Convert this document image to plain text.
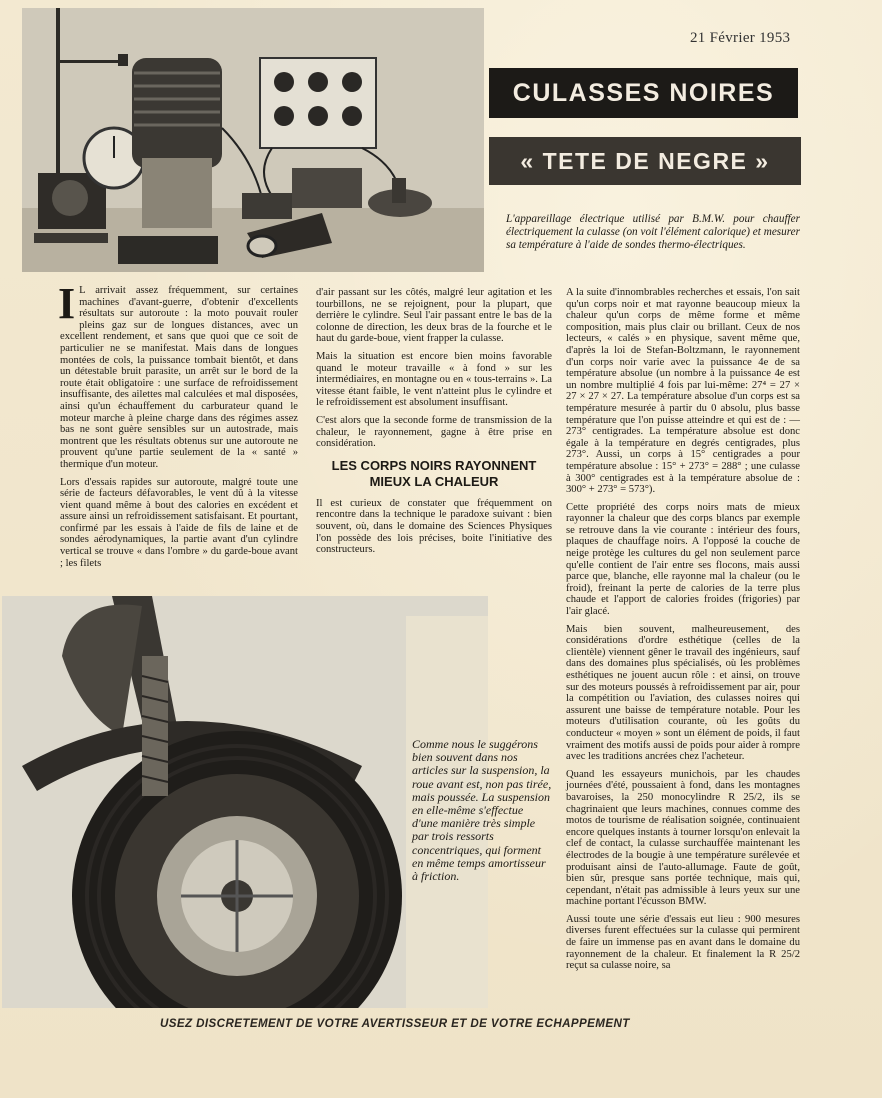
21 Février 1953
CULASSES NOIRES
« TETE DE NEGRE »
L'appareillage électrique utilisé par B.M.W. pour chauffer électriquement la culasse (on voit l'élément calorique) et mesurer sa température à l'aide de sondes thermo-électriques.

I L arrivait assez fréquemment, sur certaines machines d'avant-guerre, d'obtenir d'excellents résultats sur autoroute : la moto pouvait rouler pleins gaz sur de longues distances, avec un excellent rendement, et sans que quoi que ce soit de particulier ne se manifestat. Mais dans de longues montées de cols, la puissance tombait bientôt, et dans un détestable bruit parasite, un arrêt sur le bord de la route était obligatoire : une surface de refroidissement insuffisante, des ailettes mal calculées et mal disposées, ainsi qu'un échauffement du carburateur quand le moteur marche à pleine charge dans des régimes assez bas ne sont guère sensibles sur un autostrade, mais montrent que les résultats obtenus sur une autoroute ne prouvent qu'une partie seulement de la « santé » thermique d'un moteur.

Lors d'essais rapides sur autoroute, malgré toute une série de facteurs défavorables, le vent dû à la vitesse vient quand même à bout des calories en excédent et assure ainsi un refroidissement satisfaisant. Et pourtant, confirmé par les essais à l'aide de fils de laine et de sondes aérodynamiques, la partie avant d'un cylindre vertical se trouve « dans l'ombre » du garde-boue avant ; les filets

d'air passant sur les côtés, malgré leur agitation et les tourbillons, ne se rejoignent, pour la plupart, que derrière le cylindre. Seul l'air passant entre le bas de la colonne de direction, les deux bras de la fourche et le haut du garde-boue, vient frapper la culasse.

Mais la situation est encore bien moins favorable quand le moteur travaille « à fond » sur les intermédiaires, en montagne ou en « tous-terrains ». La vitesse étant faible, le vent n'atteint plus le cylindre et le refroidissement est absolument insuffisant.

C'est alors que la seconde forme de transmission de la chaleur, le rayonnement, gagne à être prise en considération.

LES CORPS NOIRS RAYONNENT
MIEUX LA CHALEUR

Il est curieux de constater que fréquemment on rencontre dans la technique le paradoxe suivant : bien souvent, où, dans le domaine des Sciences Physiques l'on possède des lois précises, boite l'initiative des constructeurs.

A la suite d'innombrables recherches et essais, l'on sait qu'un corps noir et mat rayonne beaucoup mieux la chaleur qu'un corps de même forme et même composition, mais plus clair ou brillant. Ceux de nos lecteurs, « calés » en physique, savent même que, d'après la loi de Stefan-Boltzmann, le rayonnement d'un corps noir varie avec la puissance 4e de sa température absolue (un nombre à la puissance 4e est un nombre multiplié 4 fois par lui-même: 27⁴ = 27 × 27 × 27 × 27. La température absolue d'un corps est sa température mesurée à partir du 0 absolu, plus basse température que l'on puisse atteindre et qui est de : —273° centigrades. La température absolue est donc égale à la température en degrés centigrades, plus 273°. Aussi, un corps à 15° centigrades a pour température absolue : 15° + 273° = 288° ; une culasse à 300° centigrades est à la température absolue de : 300° + 273° = 573°).

Cette propriété des corps noirs mats de mieux rayonner la chaleur que des corps blancs par exemple se retrouve dans la vie courante : intérieur des fours, plaques de chauffage noirs. A l'opposé la couche de neige protège les cultures du gel non seulement parce qu'elle contient de l'air entre ses flocons, mais aussi parce que, blanche, elle rayonne mal la chaleur (ou le froid), freinant la perte de calories de la terre plus chaude et l'apport de calories froides (frigories) par l'air glacé.

Mais bien souvent, malheureusement, des considérations d'ordre esthétique (celles de la clientèle) viennent gêner le travail des ingénieurs, sauf dans des domaines plus spécialisés, où les problèmes esthétiques ne jouent aucun rôle : et ainsi, on trouve sur des moteurs poussés à refroidissement par air, pour la compétition ou l'aviation, des culasses noires qui assurent une baisse de température notable. Pour les moteurs d'utilisation courante, où les goûts du conducteur « moyen » sont un élément de poids, il faut vraiment des motifs aussi de poids pour aider à rompre avec les traditions ancrées chez l'acheteur.

Quand les essayeurs munichois, par les chaudes journées d'été, poussaient à fond, dans les montagnes bavaroises, la 250 monocylindre R 25/2, ils se chagrinaient que leurs machines, connues comme des motos de tourisme de réalisation soignée, continuaient encore quelques instants à tourner lorsqu'on enlevait la clef de contact, la culasse surchauffée maintenant les électrodes de la bougie à une température surélevée et produisant ainsi de l'auto-allumage. Faute de goût, bien sûr, presque sans portée technique, mais qui, cependant, n'était pas admissible à leurs yeux sur une machine portant l'écusson BMW.

Aussi toute une série d'essais eut lieu : 900 mesures diverses furent effectuées sur la culasse qui permirent de faire un immense pas en avant dans le domaine du rayonnement de la chaleur. Et finalement la R 25/2 reçut sa culasse noire, sa

Comme nous le suggérons bien souvent dans nos articles sur la suspension, la roue avant est, non pas tirée, mais poussée. La suspension en elle-même s'effectue d'une manière très simple par trois ressorts concentriques, qui forment en même temps amortisseur à friction.
USEZ DISCRETEMENT DE VOTRE AVERTISSEUR ET DE VOTRE ECHAPPEMENT
